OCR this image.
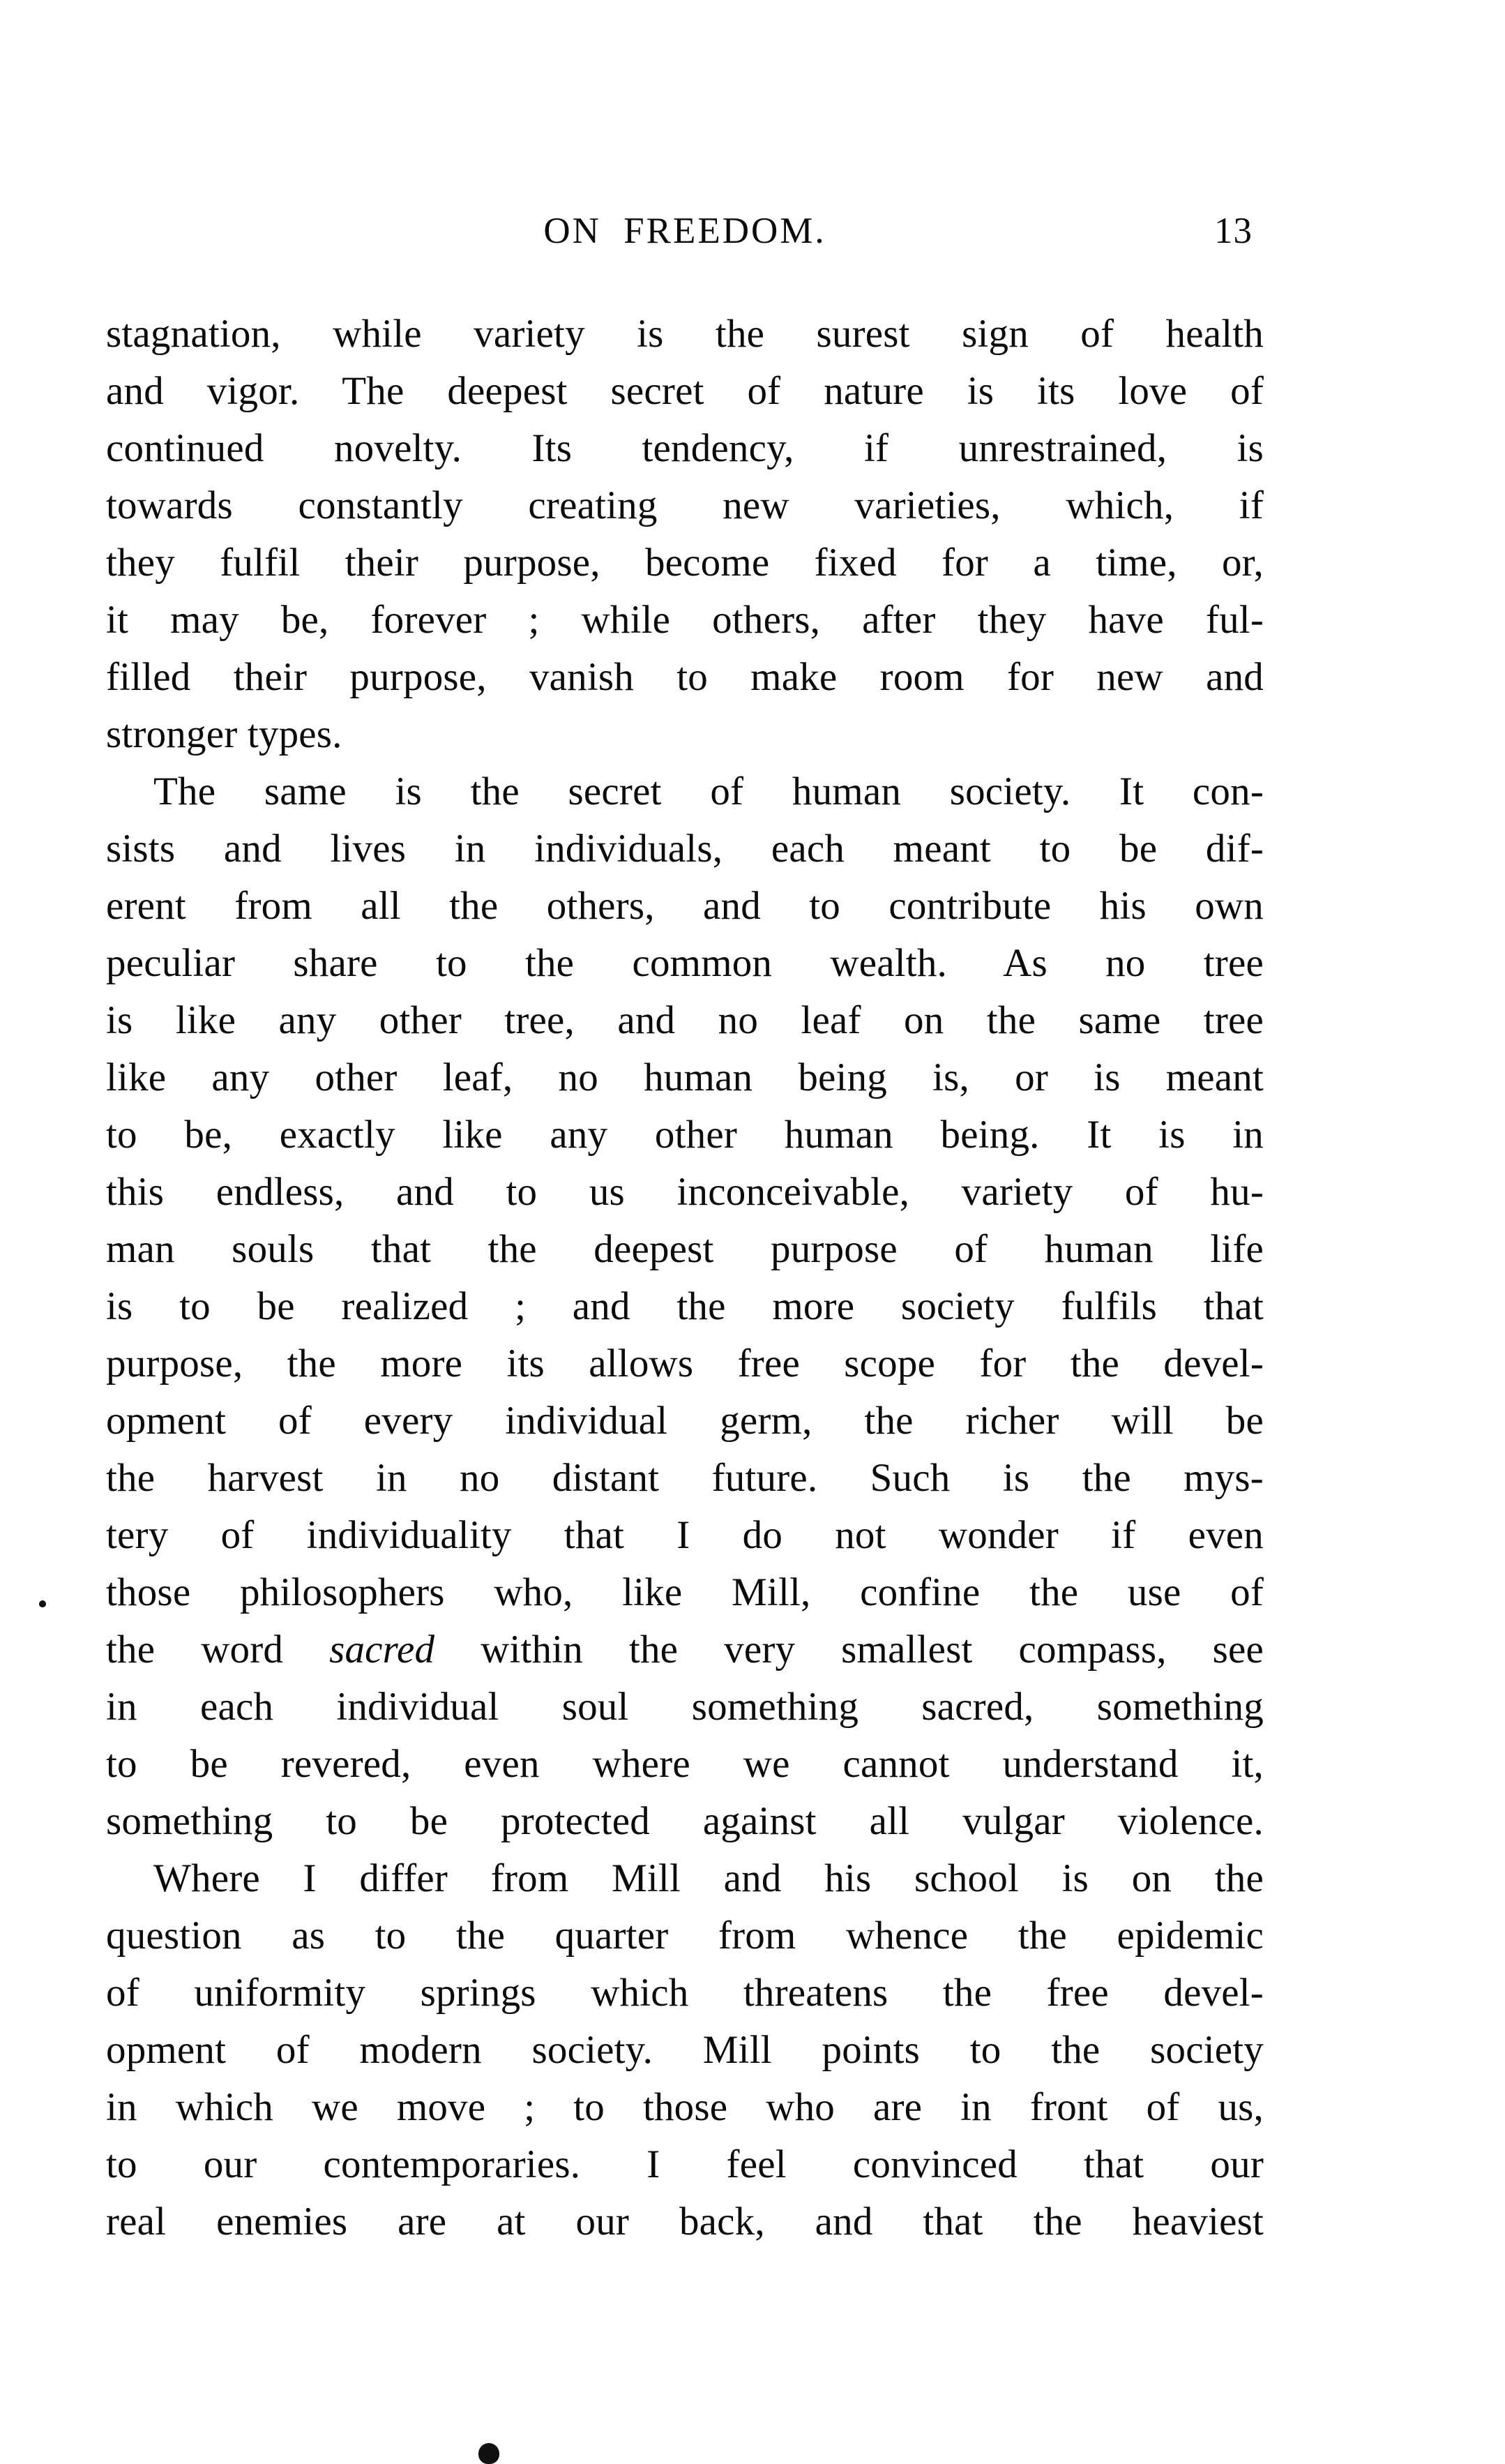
ON FREEDOM.	13
stagnation, while variety is the surest sign of health
and vigor. The deepest secret of nature is its love of
continued novelty. Its tendency, if unrestrained, is
towards constantly creating new varieties, which, if
they fulfil their purpose, become fixed for a time, or,
it may be, forever ; while others, after they have ful-
filled their purpose, vanish to make room for new and
stronger types.
The same is the secret of human society. It con-
sists and lives in individuals, each meant to be dif-
erent from all the others, and to contribute his own
peculiar share to the common wealth. As no tree
is like any other tree, and no leaf on the same tree
like any other leaf, no human being is, or is meant
to be, exactly like any other human being. It is in
this endless, and to us inconceivable, variety of hu-
man souls that the deepest purpose of human life
is to be realized ; and the more society fulfils that
purpose, the more its allows free scope for the devel-
opment of every individual germ, the richer will be
the harvest in no distant future. Such is the mys-
tery of individuality that I do not wonder if even
those philosophers who, like Mill, confine the use of
the word sacred within the very smallest compass, see
in each individual soul something sacred, something
to be revered, even where we cannot understand it,
something to be protected against all vulgar violence.
Where I differ from Mill and his school is on the
question as to the quarter from whence the epidemic
of uniformity springs which threatens the free devel-
opment of modern society. Mill points to the society
in which we move ; to those who are in front of us,
to our contemporaries. I feel convinced that our
real enemies are at our back, and that the heaviest
